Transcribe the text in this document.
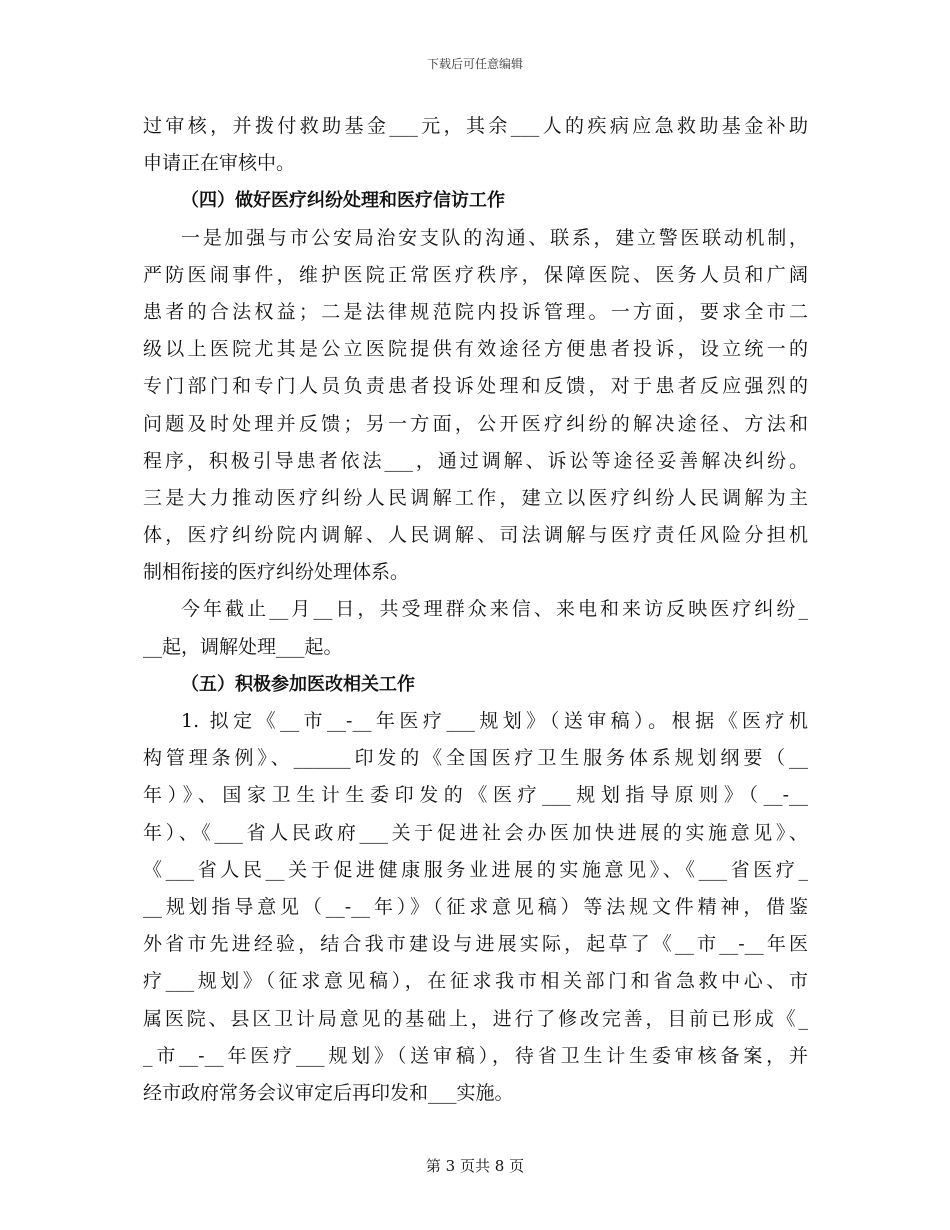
下载后可任意编辑
过审核，并拨付救助基金___元，其余___人的疾病应急救助基金补助
申请正在审核中。
（四）做好医疗纠纷处理和医疗信访工作
一是加强与市公安局治安支队的沟通、联系，建立警医联动机制，
严防医闹事件，维护医院正常医疗秩序，保障医院、医务人员和广阔
患者的合法权益；二是法律规范院内投诉管理。一方面，要求全市二
级以上医院尤其是公立医院提供有效途径方便患者投诉，设立统一的
专门部门和专门人员负责患者投诉处理和反馈，对于患者反应强烈的
问题及时处理并反馈；另一方面，公开医疗纠纷的解决途径、方法和
程序，积极引导患者依法___，通过调解、诉讼等途径妥善解决纠纷。
三是大力推动医疗纠纷人民调解工作，建立以医疗纠纷人民调解为主
体，医疗纠纷院内调解、人民调解、司法调解与医疗责任风险分担机
制相衔接的医疗纠纷处理体系。
今年截止__月__日，共受理群众来信、来电和来访反映医疗纠纷_
__起，调解处理___起。
（五）积极参加医改相关工作
1. 拟定《__市__-__年医疗___规划》（送审稿）。根据《医疗机
构管理条例》、______印发的《全国医疗卫生服务体系规划纲要（__
年）》、国家卫生计生委印发的《医疗___规划指导原则》（__-__
年）、《___省人民政府___关于促进社会办医加快进展的实施意见》、
《___省人民__关于促进健康服务业进展的实施意见》、《___省医疗_
__规划指导意见（__-__年）》（征求意见稿）等法规文件精神，借鉴
外省市先进经验，结合我市建设与进展实际，起草了《__市__-__年医
疗___规划》（征求意见稿），在征求我市相关部门和省急救中心、市
属医院、县区卫计局意见的基础上，进行了修改完善，目前已形成《_
_市__-__年医疗___规划》（送审稿），待省卫生计生委审核备案，并
经市政府常务会议审定后再印发和___实施。
第 3 页共 8 页
